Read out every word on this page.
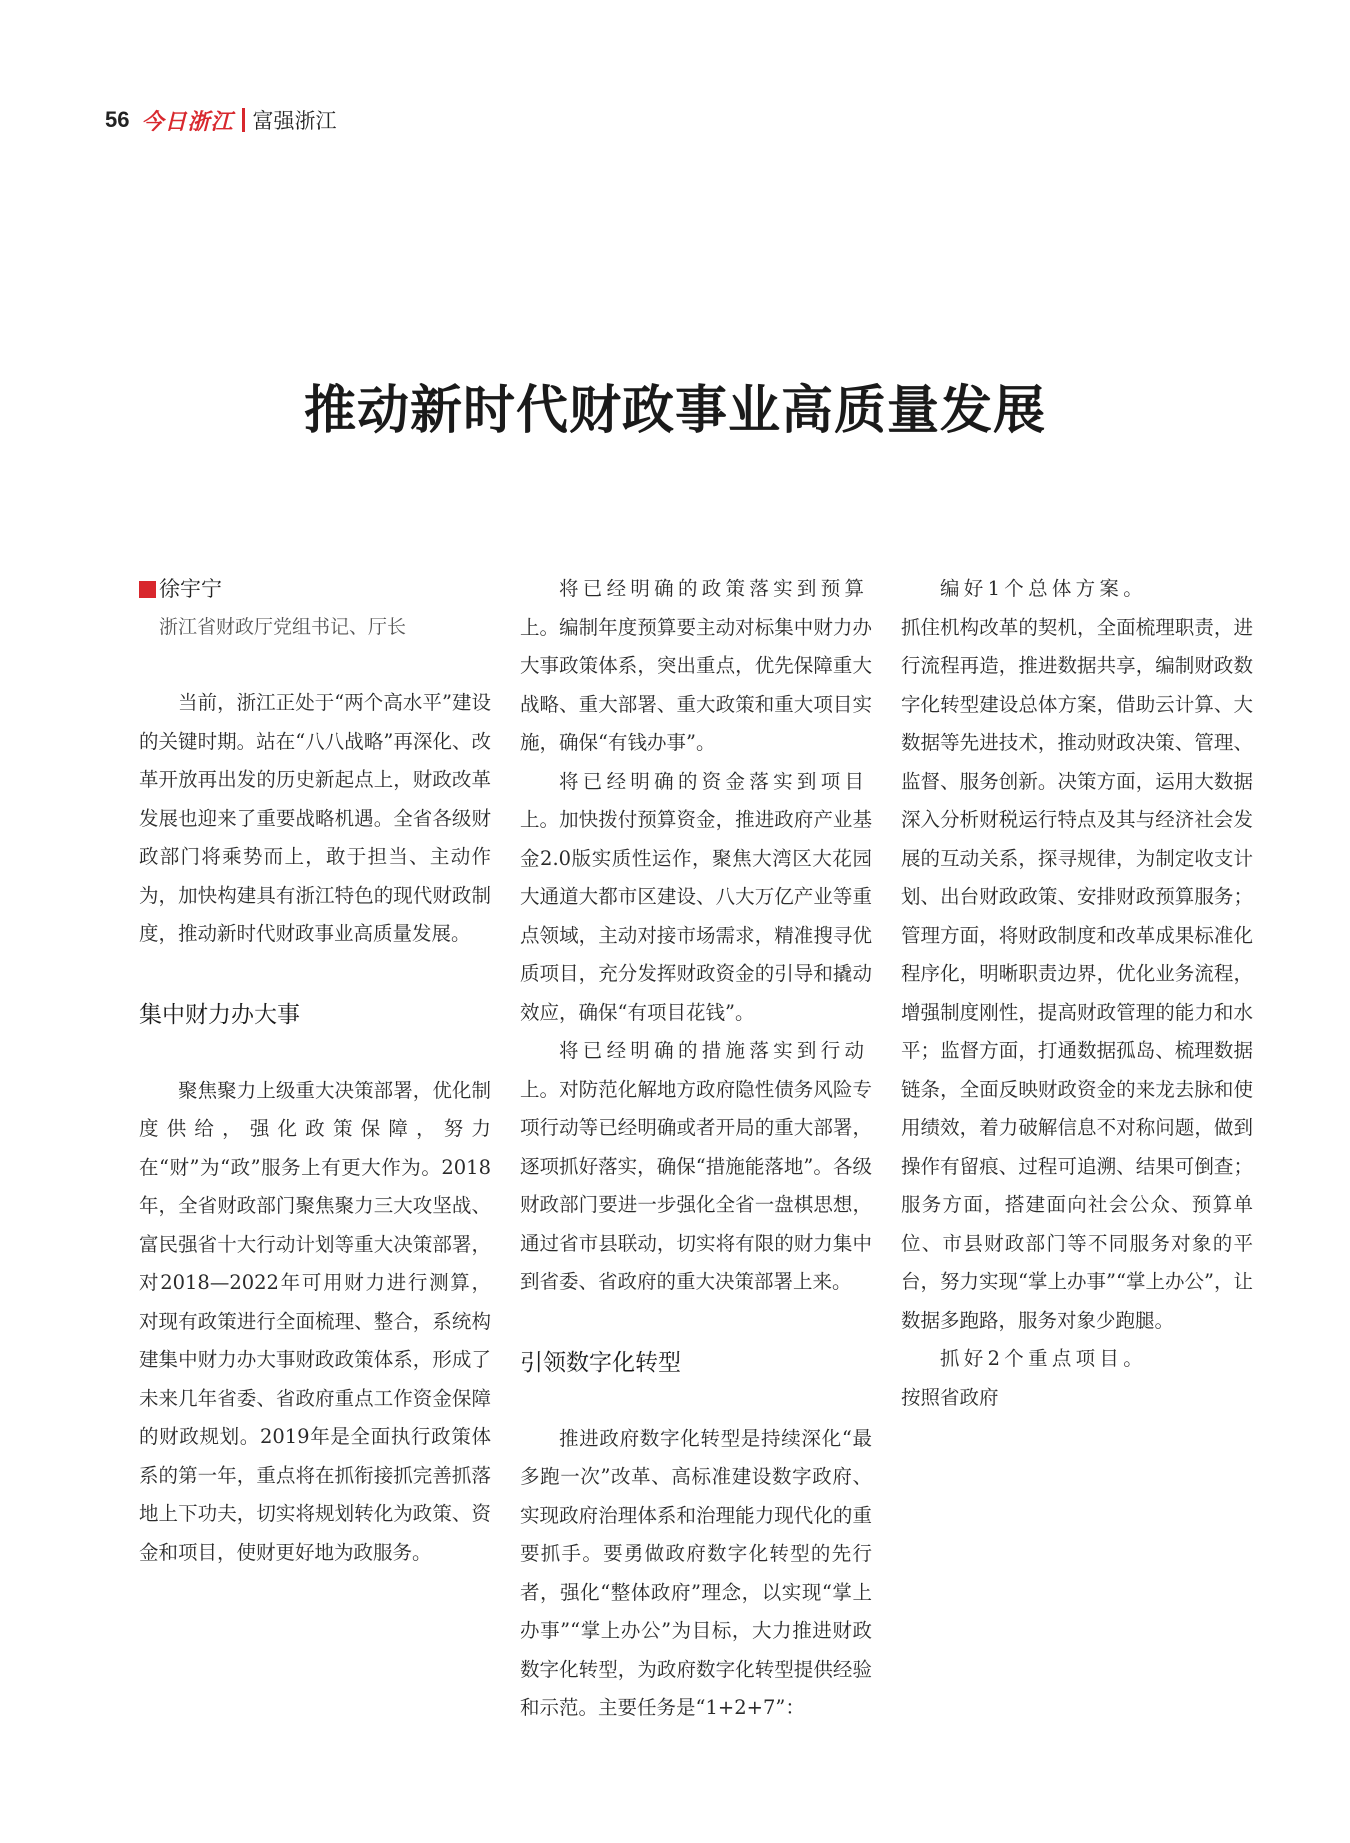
56 今日浙江 富强浙江
推动新时代财政事业高质量发展
徐宇宁
浙江省财政厅党组书记、厅长

当前，浙江正处于“两个高水平”建设的关键时期。站在“八八战略”再深化、改革开放再出发的历史新起点上，财政改革发展也迎来了重要战略机遇。全省各级财政部门将乘势而上，敢于担当、主动作为，加快构建具有浙江特色的现代财政制度，推动新时代财政事业高质量发展。

集中财力办大事

聚焦聚力上级重大决策部署，优化制度供给，强化政策保障，努力在“财”为“政”服务上有更大作为。2018年，全省财政部门聚焦聚力三大攻坚战、富民强省十大行动计划等重大决策部署，对2018—2022年可用财力进行测算，对现有政策进行全面梳理、整合，系统构建集中财力办大事财政政策体系，形成了未来几年省委、省政府重点工作资金保障的财政规划。2019年是全面执行政策体系的第一年，重点将在抓衔接抓完善抓落地上下功夫，切实将规划转化为政策、资金和项目，使财更好地为政服务。

将已经明确的政策落实到预算

上。编制年度预算要主动对标集中财力办大事政策体系，突出重点，优先保障重大战略、重大部署、重大政策和重大项目实施，确保“有钱办事”。

将已经明确的资金落实到项目

上。加快拨付预算资金，推进政府产业基金2.0版实质性运作，聚焦大湾区大花园大通道大都市区建设、八大万亿产业等重点领域，主动对接市场需求，精准搜寻优质项目，充分发挥财政资金的引导和撬动效应，确保“有项目花钱”。

将已经明确的措施落实到行动

上。对防范化解地方政府隐性债务风险专项行动等已经明确或者开局的重大部署，逐项抓好落实，确保“措施能落地”。各级财政部门要进一步强化全省一盘棋思想，通过省市县联动，切实将有限的财力集中到省委、省政府的重大决策部署上来。

引领数字化转型

推进政府数字化转型是持续深化“最多跑一次”改革、高标准建设数字政府、实现政府治理体系和治理能力现代化的重要抓手。要勇做政府数字化转型的先行者，强化“整体政府”理念，以实现“掌上办事”“掌上办公”为目标，大力推进财政数字化转型，为政府数字化转型提供经验和示范。主要任务是“1+2+7”：

编好1个总体方案。

抓住机构改革的契机，全面梳理职责，进行流程再造，推进数据共享，编制财政数字化转型建设总体方案，借助云计算、大数据等先进技术，推动财政决策、管理、监督、服务创新。决策方面，运用大数据深入分析财税运行特点及其与经济社会发展的互动关系，探寻规律，为制定收支计划、出台财政政策、安排财政预算服务；管理方面，将财政制度和改革成果标准化程序化，明晰职责边界，优化业务流程，增强制度刚性，提高财政管理的能力和水平；监督方面，打通数据孤岛、梳理数据链条，全面反映财政资金的来龙去脉和使用绩效，着力破解信息不对称问题，做到操作有留痕、过程可追溯、结果可倒查；服务方面，搭建面向社会公众、预算单位、市县财政部门等不同服务对象的平台，努力实现“掌上办事”“掌上办公”，让数据多跑路，服务对象少跑腿。

抓好2个重点项目。

按照省政府
